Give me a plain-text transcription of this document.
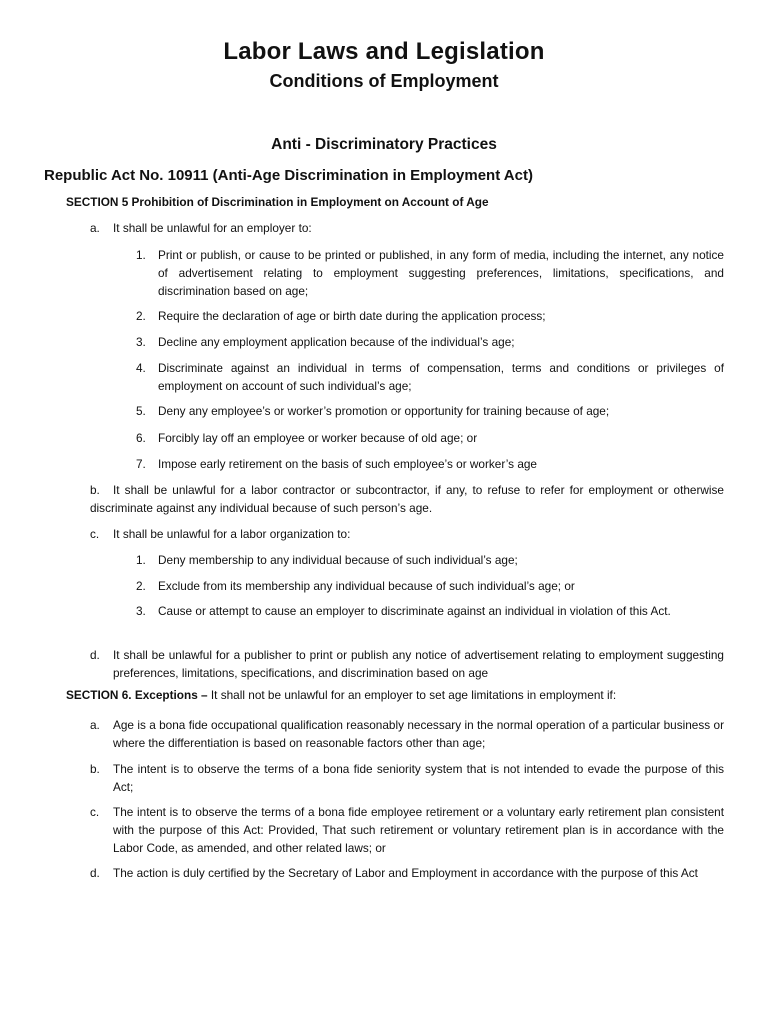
Labor Laws and Legislation
Conditions of Employment
Anti - Discriminatory Practices
Republic Act No. 10911 (Anti-Age Discrimination in Employment Act)
SECTION 5 Prohibition of Discrimination in Employment on Account of Age
a.	It shall be unlawful for an employer to:
1.	Print or publish, or cause to be printed or published, in any form of media, including the internet, any notice of advertisement relating to employment suggesting preferences, limitations, specifications, and discrimination based on age;
2.	Require the declaration of age or birth date during the application process;
3.	Decline any employment application because of the individual’s age;
4.	Discriminate against an individual in terms of compensation, terms and conditions or privileges of employment on account of such individual’s age;
5.	Deny any employee’s or worker’s promotion or opportunity for training because of age;
6.	Forcibly lay off an employee or worker because of old age; or
7.	Impose early retirement on the basis of such employee’s or worker’s age
b. It shall be unlawful for a labor contractor or subcontractor, if any, to refuse to refer for employment or otherwise discriminate against any individual because of such person’s age.
c.	It shall be unlawful for a labor organization to:
1.	Deny membership to any individual because of such individual’s age;
2.	Exclude from its membership any individual because of such individual’s age; or
3.	Cause or attempt to cause an employer to discriminate against an individual in violation of this Act.
d.	It shall be unlawful for a publisher to print or publish any notice of advertisement relating to employment suggesting preferences, limitations, specifications, and discrimination based on age
SECTION 6. Exceptions – It shall not be unlawful for an employer to set age limitations in employment if:
a.	Age is a bona fide occupational qualification reasonably necessary in the normal operation of a particular business or where the differentiation is based on reasonable factors other than age;
b.	The intent is to observe the terms of a bona fide seniority system that is not intended to evade the purpose of this Act;
c.	The intent is to observe the terms of a bona fide employee retirement or a voluntary early retirement plan consistent with the purpose of this Act: Provided, That such retirement or voluntary retirement plan is in accordance with the Labor Code, as amended, and other related laws; or
d.	The action is duly certified by the Secretary of Labor and Employment in accordance with the purpose of this Act
